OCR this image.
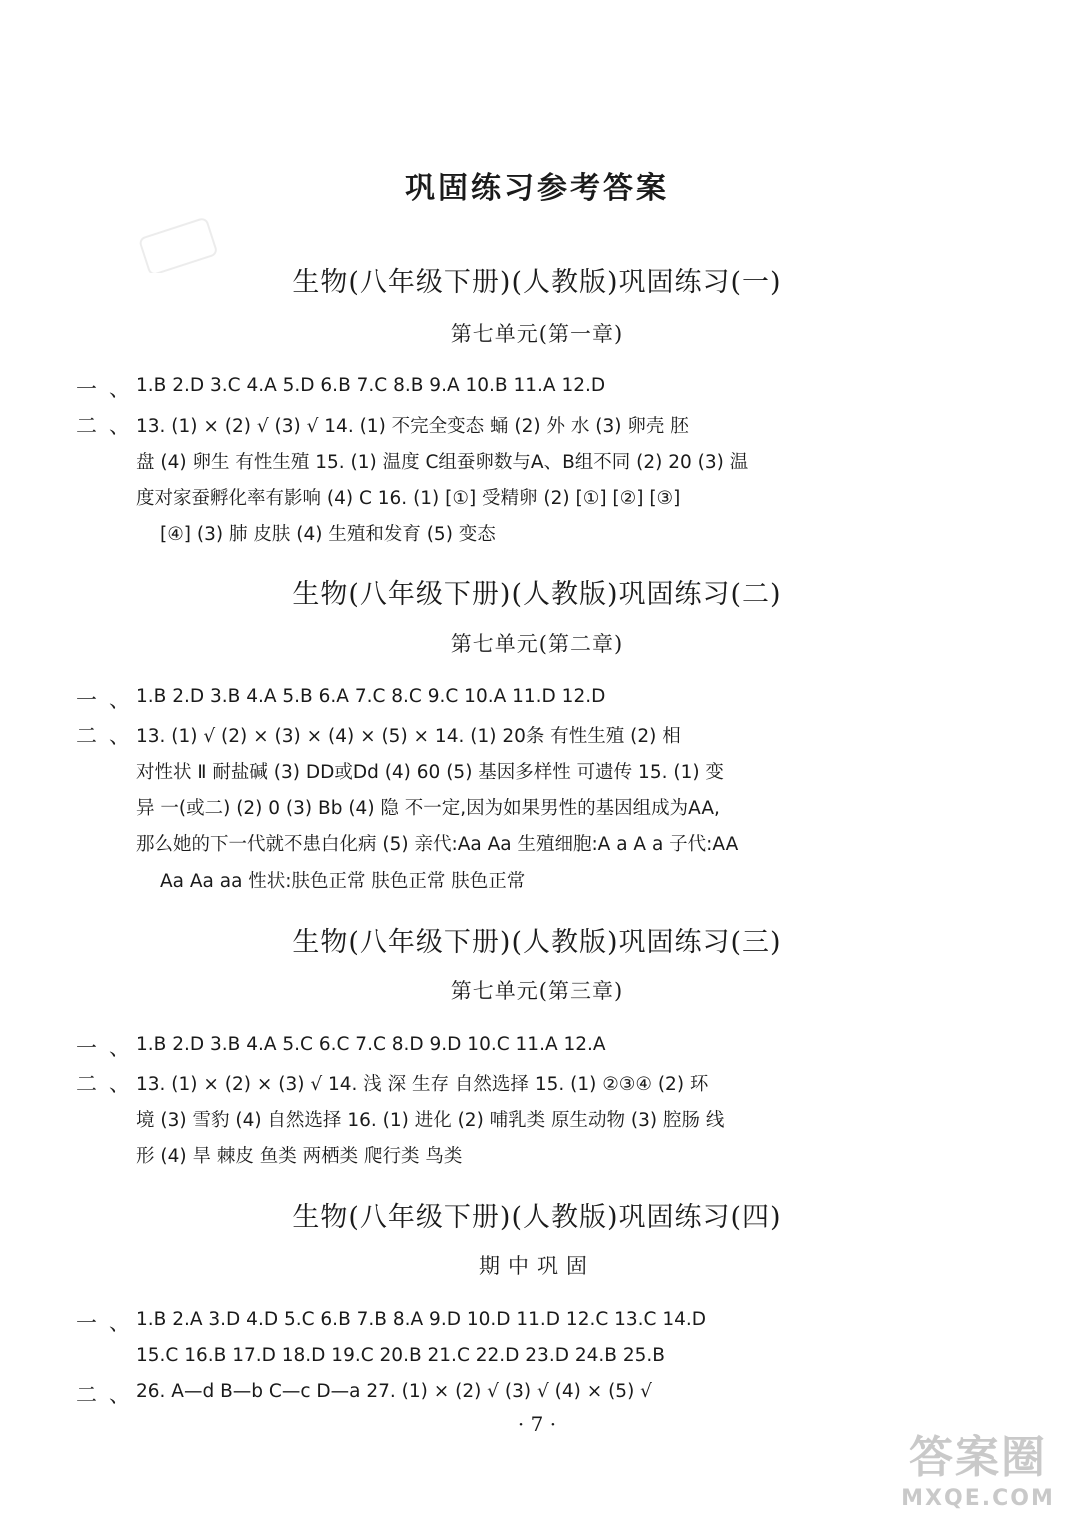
巩固练习参考答案
生物(八年级下册)(人教版)巩固练习(一)
第七单元(第一章)
一、
1.B 2.D 3.C 4.A 5.D 6.B 7.C 8.B 9.A 10.B 11.A 12.D
二、
13. (1) × (2) √ (3) √ 14. (1) 不完全变态 蛹 (2) 外 水 (3) 卵壳 胚
盘 (4) 卵生 有性生殖 15. (1) 温度 C组蚕卵数与A、B组不同 (2) 20 (3) 温
度对家蚕孵化率有影响 (4) C 16. (1) [①] 受精卵 (2) [①] [②] [③]
[④] (3) 肺 皮肤 (4) 生殖和发育 (5) 变态
生物(八年级下册)(人教版)巩固练习(二)
第七单元(第二章)
一、
1.B 2.D 3.B 4.A 5.B 6.A 7.C 8.C 9.C 10.A 11.D 12.D
二、
13. (1) √ (2) × (3) × (4) × (5) × 14. (1) 20条 有性生殖 (2) 相
对性状 Ⅱ 耐盐碱 (3) DD或Dd (4) 60 (5) 基因多样性 可遗传 15. (1) 变
异 一(或二) (2) 0 (3) Bb (4) 隐 不一定,因为如果男性的基因组成为AA,
那么她的下一代就不患白化病 (5) 亲代:Aa Aa 生殖细胞:A a A a 子代:AA
Aa Aa aa 性状:肤色正常 肤色正常 肤色正常
生物(八年级下册)(人教版)巩固练习(三)
第七单元(第三章)
一、
1.B 2.D 3.B 4.A 5.C 6.C 7.C 8.D 9.D 10.C 11.A 12.A
二、
13. (1) × (2) × (3) √ 14. 浅 深 生存 自然选择 15. (1) ②③④ (2) 环
境 (3) 雪豹 (4) 自然选择 16. (1) 进化 (2) 哺乳类 原生动物 (3) 腔肠 线
形 (4) 旱 棘皮 鱼类 两栖类 爬行类 鸟类
生物(八年级下册)(人教版)巩固练习(四)
期中巩固
一、
1.B 2.A 3.D 4.D 5.C 6.B 7.B 8.A 9.D 10.D 11.D 12.C 13.C 14.D
15.C 16.B 17.D 18.D 19.C 20.B 21.C 22.D 23.D 24.B 25.B
二、
26. A—d B—b C—c D—a 27. (1) × (2) √ (3) √ (4) × (5) √
· 7 ·
答案圈
MXQE.COM
